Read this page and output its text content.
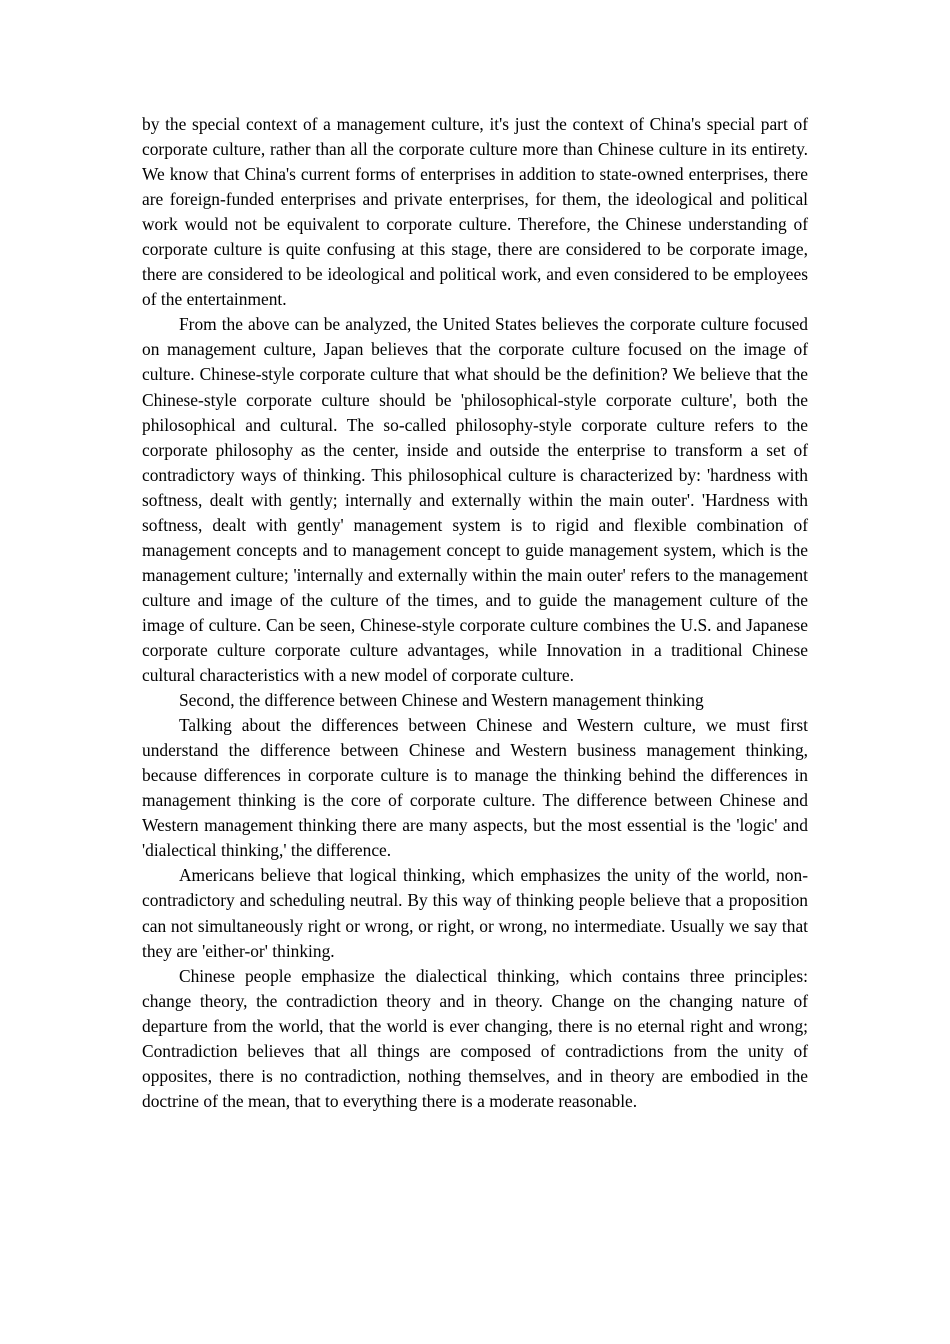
by the special context of a management culture, it's just the context of China's special part of corporate culture, rather than all the corporate culture more than Chinese culture in its entirety. We know that China's current forms of enterprises in addition to state-owned enterprises, there are foreign-funded enterprises and private enterprises, for them, the ideological and political work would not be equivalent to corporate culture. Therefore, the Chinese understanding of corporate culture is quite confusing at this stage, there are considered to be corporate image, there are considered to be ideological and political work, and even considered to be employees of the entertainment.

From the above can be analyzed, the United States believes the corporate culture focused on management culture, Japan believes that the corporate culture focused on the image of culture. Chinese-style corporate culture that what should be the definition? We believe that the Chinese-style corporate culture should be 'philosophical-style corporate culture', both the philosophical and cultural. The so-called philosophy-style corporate culture refers to the corporate philosophy as the center, inside and outside the enterprise to transform a set of contradictory ways of thinking. This philosophical culture is characterized by: 'hardness with softness, dealt with gently; internally and externally within the main outer'. 'Hardness with softness, dealt with gently' management system is to rigid and flexible combination of management concepts and to management concept to guide management system, which is the management culture; 'internally and externally within the main outer' refers to the management culture and image of the culture of the times, and to guide the management culture of the image of culture. Can be seen, Chinese-style corporate culture combines the U.S. and Japanese corporate culture corporate culture advantages, while Innovation in a traditional Chinese cultural characteristics with a new model of corporate culture.

Second, the difference between Chinese and Western management thinking

Talking about the differences between Chinese and Western culture, we must first understand the difference between Chinese and Western business management thinking, because differences in corporate culture is to manage the thinking behind the differences in management thinking is the core of corporate culture. The difference between Chinese and Western management thinking there are many aspects, but the most essential is the 'logic' and 'dialectical thinking,' the difference.

Americans believe that logical thinking, which emphasizes the unity of the world, non-contradictory and scheduling neutral. By this way of thinking people believe that a proposition can not simultaneously right or wrong, or right, or wrong, no intermediate. Usually we say that they are 'either-or' thinking.

Chinese people emphasize the dialectical thinking, which contains three principles: change theory, the contradiction theory and in theory. Change on the changing nature of departure from the world, that the world is ever changing, there is no eternal right and wrong; Contradiction believes that all things are composed of contradictions from the unity of opposites, there is no contradiction, nothing themselves, and in theory are embodied in the doctrine of the mean, that to everything there is a moderate reasonable.
